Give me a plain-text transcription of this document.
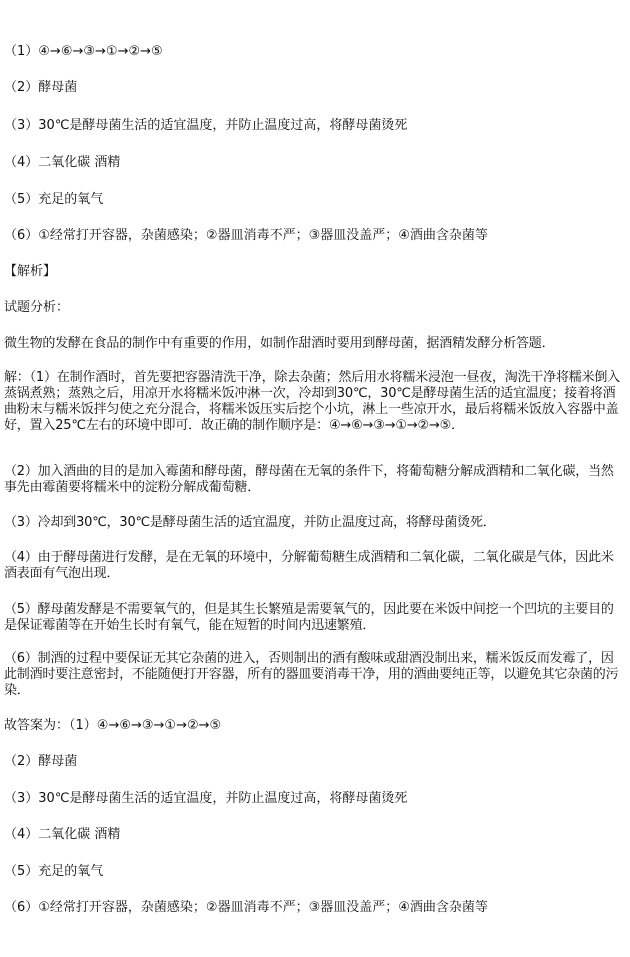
（1）④→⑥→③→①→②→⑤
（2）酵母菌
（3）30℃是酵母菌生活的适宜温度，并防止温度过高，将酵母菌烫死
（4）二氧化碳 酒精
（5）充足的氧气
（6）①经常打开容器，杂菌感染；②器皿消毒不严；③器皿没盖严；④酒曲含杂菌等
【解析】
试题分析：
微生物的发酵在食品的制作中有重要的作用，如制作甜酒时要用到酵母菌，据酒精发酵分析答题．
解：（1）在制作酒时，首先要把容器清洗干净，除去杂菌；然后用水将糯米浸泡一昼夜，淘洗干净将糯米倒入蒸锅煮熟；蒸熟之后，用凉开水将糯米饭冲淋一次，冷却到30℃，30℃是酵母菌生活的适宜温度；接着将酒曲粉末与糯米饭拌匀使之充分混合，将糯米饭压实后挖个小坑，淋上一些凉开水，最后将糯米饭放入容器中盖好，置入25℃左右的环境中即可．故正确的制作顺序是：④→⑥→③→①→②→⑤．
（2）加入酒曲的目的是加入霉菌和酵母菌，酵母菌在无氧的条件下，将葡萄糖分解成酒精和二氧化碳，当然事先由霉菌要将糯米中的淀粉分解成葡萄糖．
（3）冷却到30℃，30℃是酵母菌生活的适宜温度，并防止温度过高，将酵母菌烫死．
（4）由于酵母菌进行发酵，是在无氧的环境中，分解葡萄糖生成酒精和二氧化碳，二氧化碳是气体，因此米酒表面有气泡出现．
（5）酵母菌发酵是不需要氧气的，但是其生长繁殖是需要氧气的，因此要在米饭中间挖一个凹坑的主要目的是保证霉菌等在开始生长时有氧气，能在短暂的时间内迅速繁殖．
（6）制酒的过程中要保证无其它杂菌的进入，否则制出的酒有酸味或甜酒没制出来，糯米饭反而发霉了，因此制酒时要注意密封，不能随便打开容器，所有的器皿要消毒干净，用的酒曲要纯正等，以避免其它杂菌的污染．
故答案为：（1）④→⑥→③→①→②→⑤
（2）酵母菌
（3）30℃是酵母菌生活的适宜温度，并防止温度过高，将酵母菌烫死
（4）二氧化碳 酒精
（5）充足的氧气
（6）①经常打开容器，杂菌感染；②器皿消毒不严；③器皿没盖严；④酒曲含杂菌等
